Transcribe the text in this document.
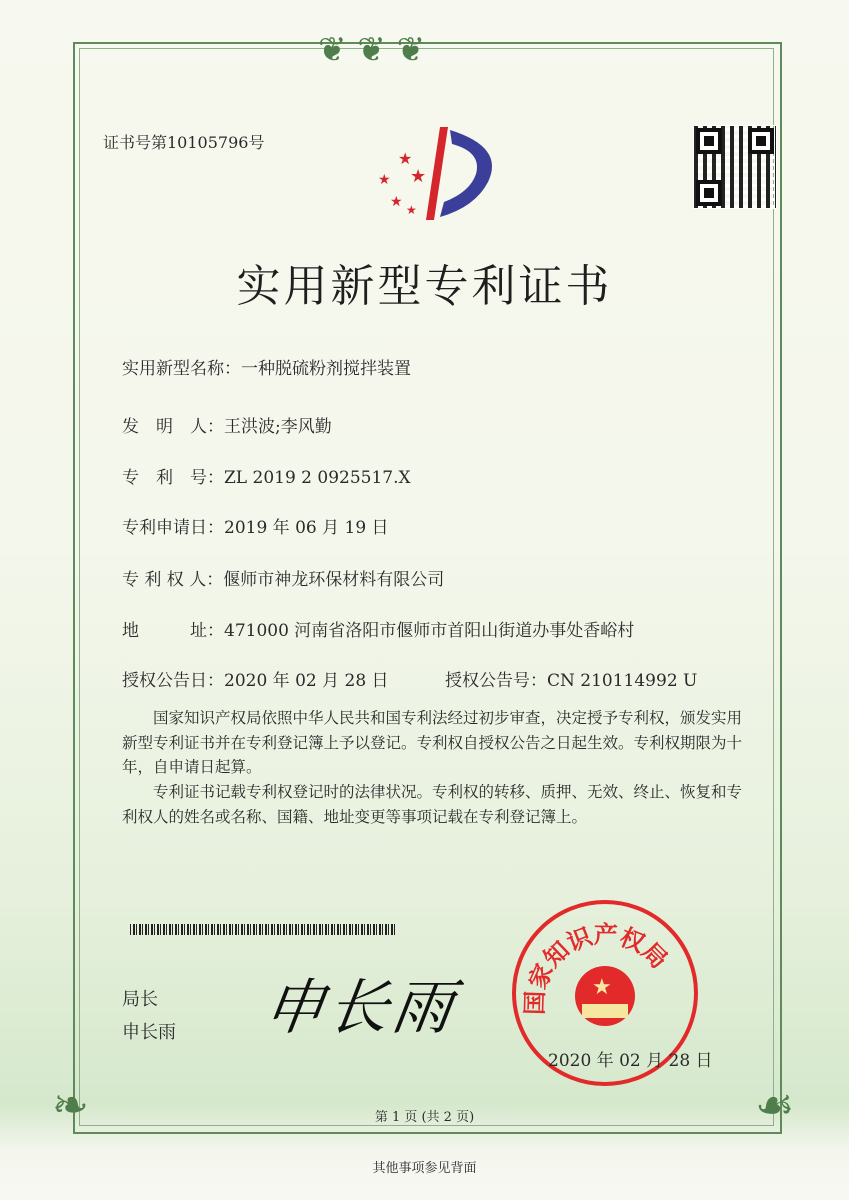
❦ ❦ ❦
❧	☙
证书号第10105796号
★
★ ★
★ ★
实用新型专利证书
实用新型名称：一种脱硫粉剂搅拌装置
发　明　人：王洪波;李风勤
专　利　号：ZL 2019 2 0925517.X
专利申请日：2019 年 06 月 19 日
专 利 权 人：偃师市神龙环保材料有限公司
地　　　址：471000 河南省洛阳市偃师市首阳山街道办事处香峪村
授权公告日：2020 年 02 月 28 日	授权公告号：CN 210114992 U
国家知识产权局依照中华人民共和国专利法经过初步审查，决定授予专利权，颁发实用新型专利证书并在专利登记簿上予以登记。专利权自授权公告之日起生效。专利权期限为十年，自申请日起算。
专利证书记载专利权登记时的法律状况。专利权的转移、质押、无效、终止、恢复和专利权人的姓名或名称、国籍、地址变更等事项记载在专利登记簿上。
局长
申长雨 申长雨 国家知识产权局
★
2020 年 02 月 28 日
第 1 页 (共 2 页)
其他事项参见背面
